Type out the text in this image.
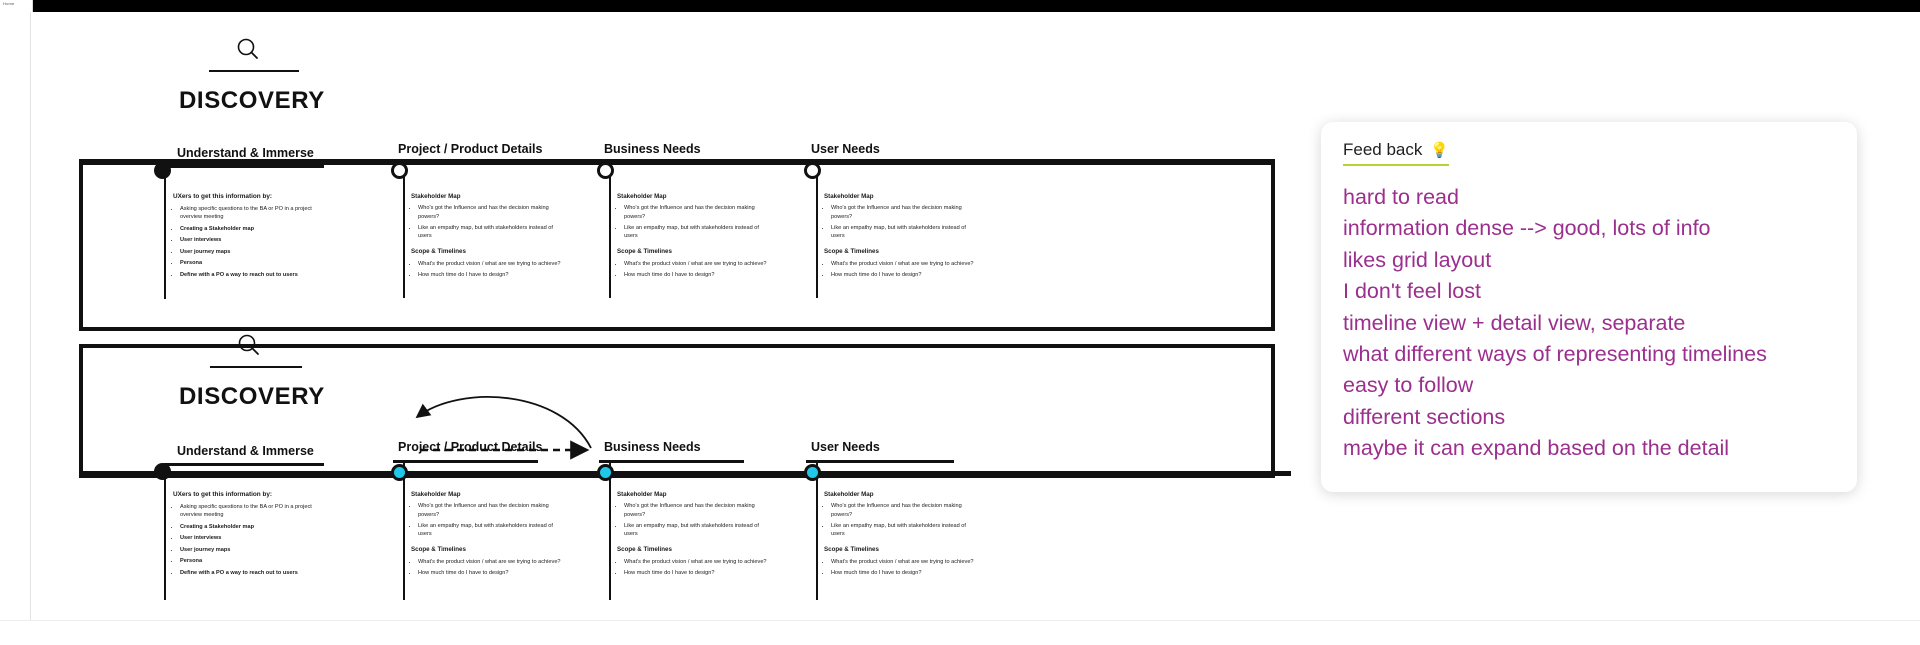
Home
DISCOVERY
Understand & Immerse
UXers to get this information by:
• Asking specific questions to the BA or PO in a project overview meeting
• Creating a Stakeholder map
• User interviews
• User journey maps
• Persona
• Define with a PO a way to reach out to users
Project / Product Details
Stakeholder Map
• Who's got the Influence and has the decision making powers?
• Like an empathy map, but with stakeholders instead of users
Scope & Timelines
• What's the product vision / what are we trying to achieve?
• How much time do I have to design?
Business Needs
Stakeholder Map
• Who's got the Influence and has the decision making powers?
• Like an empathy map, but with stakeholders instead of users
Scope & Timelines
• What's the product vision / what are we trying to achieve?
• How much time do I have to design?
User Needs
Stakeholder Map
• Who's got the Influence and has the decision making powers?
• Like an empathy map, but with stakeholders instead of users
Scope & Timelines
• What's the product vision / what are we trying to achieve?
• How much time do I have to design?
DISCOVERY
Understand & Immerse
UXers to get this information by:
• Asking specific questions to the BA or PO in a project overview meeting
• Creating a Stakeholder map
• User interviews
• User journey maps
• Persona
• Define with a PO a way to reach out to users
Project / Product Details
Stakeholder Map
• Who's got the Influence and has the decision making powers?
• Like an empathy map, but with stakeholders instead of users
Scope & Timelines
• What's the product vision / what are we trying to achieve?
• How much time do I have to design?
Business Needs
Stakeholder Map
• Who's got the Influence and has the decision making powers?
• Like an empathy map, but with stakeholders instead of users
Scope & Timelines
• What's the product vision / what are we trying to achieve?
• How much time do I have to design?
User Needs
Stakeholder Map
• Who's got the Influence and has the decision making powers?
• Like an empathy map, but with stakeholders instead of users
Scope & Timelines
• What's the product vision / what are we trying to achieve?
• How much time do I have to design?
Feed back 💡
hard to read
information dense --> good, lots of info
likes grid layout
I don't feel lost
timeline view + detail view, separate
what different ways of representing timelines
easy to follow
different sections
maybe it can expand based on the detail
